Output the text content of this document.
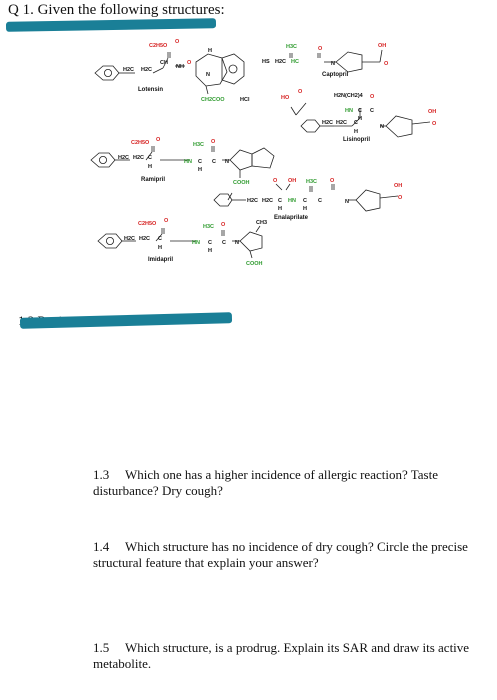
Q 1. Given the following structures:
C2H5O
O
CH
NH
H2C H2C
H
N
O
CH2COO	HCl
Lotensin
H3C
HS H2C HC
O
N
OH
O
Captopril
HO
O
H2N(CH2)4 O
H2C H2C C
H
HN C
H
C
N
OH
O
Lisinopril
C2H5O O
H2C H2C C
H
H3C
HN C
H
O
C N
COOH
Ramipril	O OH H3C O
H2C H2C C
H
HN C
H
C	N
OH
O
Enalaprilate
C2H5O O
H2C H2C C
H
H3C
HN C
H
O
C N
CH3
COOH
Imidapril
1.3	Which one has a higher incidence of allergic reaction? Taste disturbance? Dry cough?
1.4	Which structure has no incidence of dry cough? Circle the precise structural feature that explain your answer?
1.5	Which structure, is a prodrug. Explain its SAR and draw its active metabolite.
